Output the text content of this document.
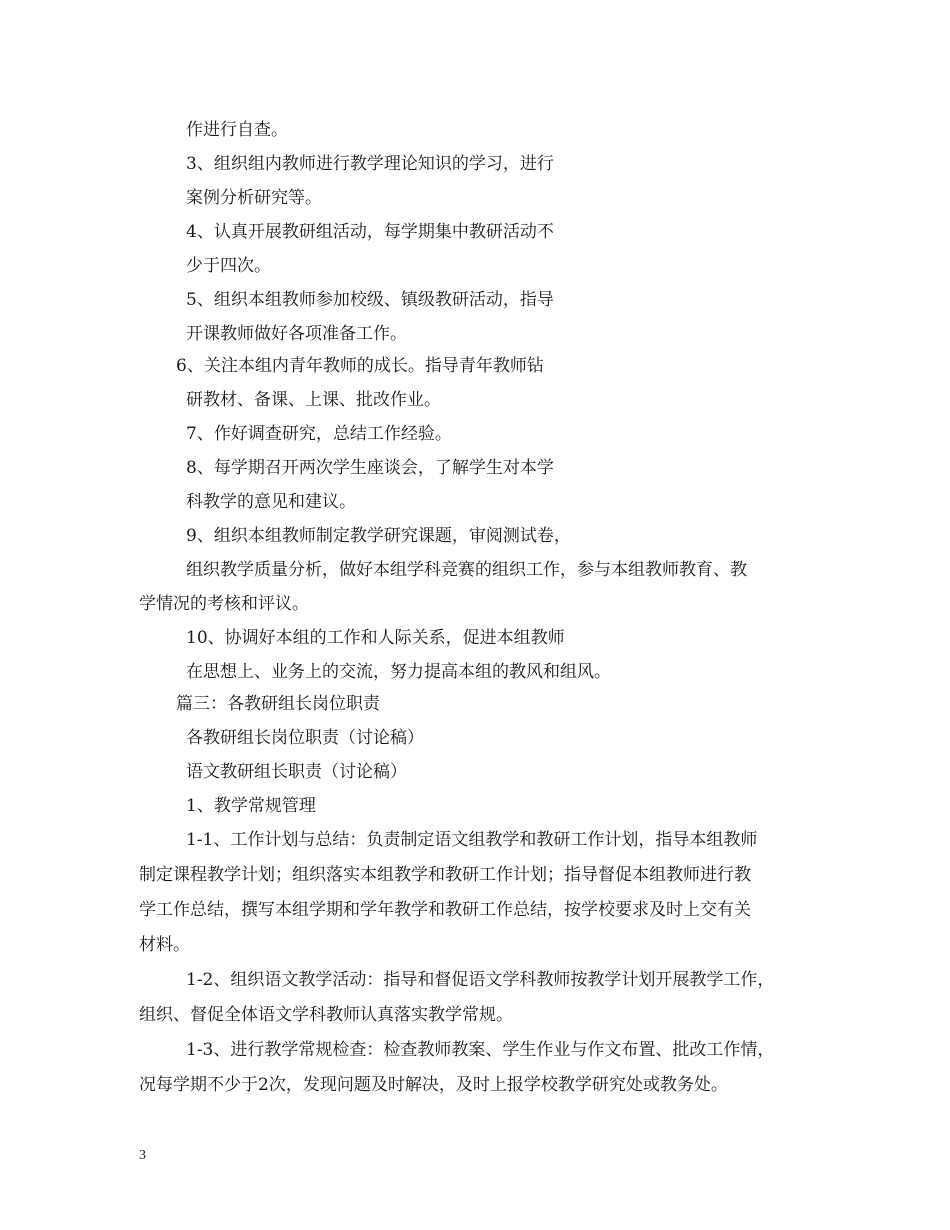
作进行自查。
3、组织组内教师进行教学理论知识的学习，进行
案例分析研究等。
4、认真开展教研组活动，每学期集中教研活动不
少于四次。
5、组织本组教师参加校级、镇级教研活动，指导
开课教师做好各项准备工作。
6、关注本组内青年教师的成长。指导青年教师钻
研教材、备课、上课、批改作业。
7、作好调查研究，总结工作经验。
8、每学期召开两次学生座谈会，了解学生对本学
科教学的意见和建议。
9、组织本组教师制定教学研究课题，审阅测试卷，
组织教学质量分析，做好本组学科竞赛的组织工作，参与本组教师教育、教
学情况的考核和评议。
10、协调好本组的工作和人际关系，促进本组教师
在思想上、业务上的交流，努力提高本组的教风和组风。
篇三：各教研组长岗位职责
各教研组长岗位职责（讨论稿）
语文教研组长职责（讨论稿）
1、教学常规管理
1-1、工作计划与总结：负责制定语文组教学和教研工作计划，指导本组教师
制定课程教学计划；组织落实本组教学和教研工作计划；指导督促本组教师进行教
学工作总结，撰写本组学期和学年教学和教研工作总结，按学校要求及时上交有关
材料。
1-2、组织语文教学活动：指导和督促语文学科教师按教学计划开展教学工作，
组织、督促全体语文学科教师认真落实教学常规。
1-3、进行教学常规检查：检查教师教案、学生作业与作文布置、批改工作情，
况每学期不少于2次，发现问题及时解决，及时上报学校教学研究处或教务处。
3
